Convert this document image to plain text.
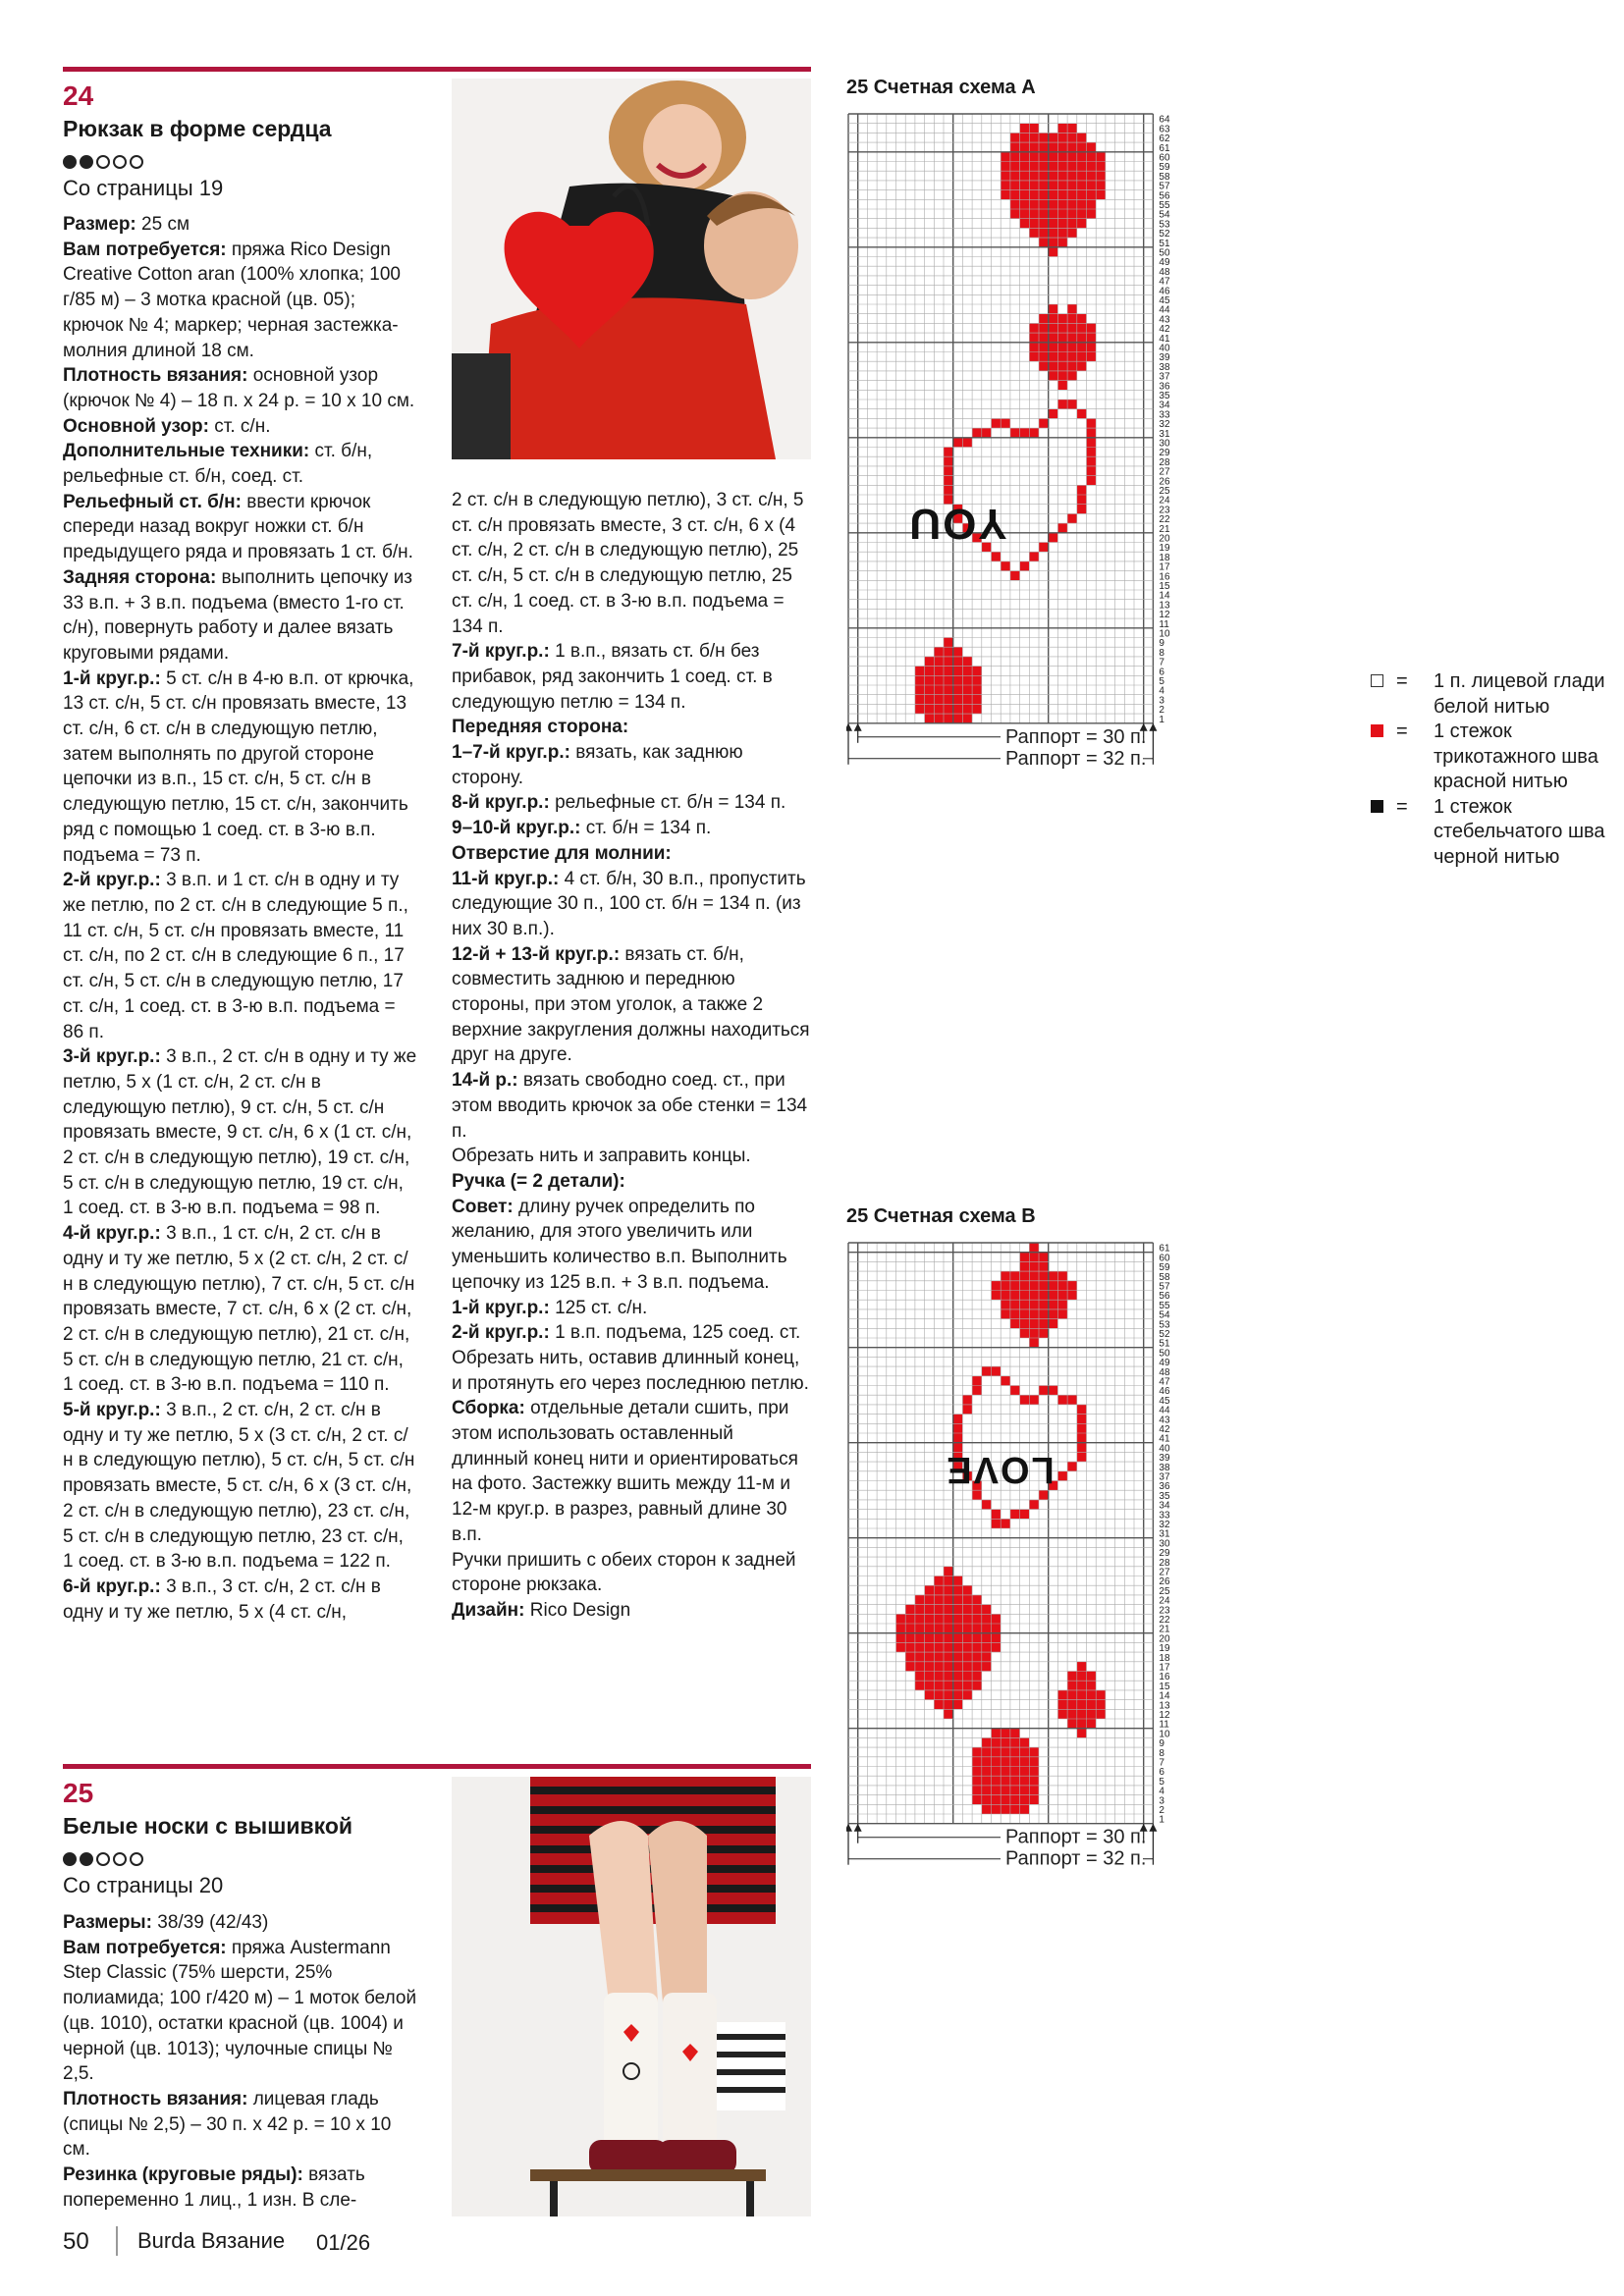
24
Рюкзак в форме сердца
Со страницы 19

Размер: 25 см

Вам потребуется: пряжа Rico Design Creative Cotton aran (100% хлопка; 100 г/85 м) – 3 мотка красной (цв. 05); крючок № 4; маркер; черная застежка-молния длиной 18 см.

Плотность вязания: основной узор (крючок № 4) – 18 п. х 24 р. = 10 х 10 см.

Основной узор: ст. с/н.

Дополнительные техники: ст. б/н, рельефные ст. б/н, соед. ст.

Рельефный ст. б/н: ввести крючок спереди назад вокруг ножки ст. б/н предыдущего ряда и провязать 1 ст. б/н.

Задняя сторона: выполнить цепочку из 33 в.п. + 3 в.п. подъема (вместо 1-го ст. с/н), повернуть работу и далее вязать круговыми рядами.

1-й круг.р.: 5 ст. с/н в 4-ю в.п. от крючка, 13 ст. с/н, 5 ст. с/н провязать вместе, 13 ст. с/н, 6 ст. с/н в следующую петлю, затем выполнять по другой стороне цепочки из в.п., 15 ст. с/н, 5 ст. с/н в следующую петлю, 15 ст. с/н, закончить ряд с помощью 1 соед. ст. в 3-ю в.п. подъема = 73 п.

2-й круг.р.: 3 в.п. и 1 ст. с/н в одну и ту же петлю, по 2 ст. с/н в следующие 5 п., 11 ст. с/н, 5 ст. с/н провязать вместе, 11 ст. с/н, по 2 ст. с/н в следующие 6 п., 17 ст. с/н, 5 ст. с/н в следующую петлю, 17 ст. с/н, 1 соед. ст. в 3-ю в.п. подъема = 86 п.

3-й круг.р.: 3 в.п., 2 ст. с/н в одну и ту же петлю, 5 х (1 ст. с/н, 2 ст. с/н в следующую петлю), 9 ст. с/н, 5 ст. с/н провязать вместе, 9 ст. с/н, 6 х (1 ст. с/н, 2 ст. с/н в следующую петлю), 19 ст. с/н, 5 ст. с/н в следующую петлю, 19 ст. с/н, 1 соед. ст. в 3-ю в.п. подъема = 98 п.

4-й круг.р.: 3 в.п., 1 ст. с/н, 2 ст. с/н в одну и ту же петлю, 5 х (2 ст. с/н, 2 ст. с/н в следующую петлю), 7 ст. с/н, 5 ст. с/н провязать вместе, 7 ст. с/н, 6 х (2 ст. с/н, 2 ст. с/н в следующую петлю), 21 ст. с/н, 5 ст. с/н в следующую петлю, 21 ст. с/н, 1 соед. ст. в 3-ю в.п. подъема = 110 п.

5-й круг.р.: 3 в.п., 2 ст. с/н, 2 ст. с/н в одну и ту же петлю, 5 х (3 ст. с/н, 2 ст. с/н в следующую петлю), 5 ст. с/н, 5 ст. с/н провязать вместе, 5 ст. с/н, 6 х (3 ст. с/н, 2 ст. с/н в следующую петлю), 23 ст. с/н, 5 ст. с/н в следующую петлю, 23 ст. с/н, 1 соед. ст. в 3-ю в.п. подъема = 122 п.

6-й круг.р.: 3 в.п., 3 ст. с/н, 2 ст. с/н в одну и ту же петлю, 5 х (4 ст. с/н,

2 ст. с/н в следующую петлю), 3 ст. с/н, 5 ст. с/н провязать вместе, 3 ст. с/н, 6 х (4 ст. с/н, 2 ст. с/н в следующую петлю), 25 ст. с/н, 5 ст. с/н в следующую петлю, 25 ст. с/н, 1 соед. ст. в 3-ю в.п. подъема = 134 п.

7-й круг.р.: 1 в.п., вязать ст. б/н без прибавок, ряд закончить 1 соед. ст. в следующую петлю = 134 п.

Передняя сторона:

1–7-й круг.р.: вязать, как заднюю сторону.

8-й круг.р.: рельефные ст. б/н = 134 п.

9–10-й круг.р.: ст. б/н = 134 п.

Отверстие для молнии:

11-й круг.р.: 4 ст. б/н, 30 в.п., пропустить следующие 30 п., 100 ст. б/н = 134 п. (из них 30 в.п.).

12-й + 13-й круг.р.: вязать ст. б/н, совместить заднюю и переднюю стороны, при этом уголок, а также 2 верхние закругления должны находиться друг на друге.

14-й р.: вязать свободно соед. ст., при этом вводить крючок за обе стенки = 134 п.

Обрезать нить и заправить концы.

Ручка (= 2 детали):

Совет: длину ручек определить по желанию, для этого увеличить или уменьшить количество в.п. Выполнить цепочку из 125 в.п. + 3 в.п. подъема.

1-й круг.р.: 125 ст. с/н.

2-й круг.р.: 1 в.п. подъема, 125 соед. ст.

Обрезать нить, оставив длинный конец, и протянуть его через последнюю петлю.

Сборка: отдельные детали сшить, при этом использовать оставленный длинный конец нити и ориентироваться на фото. Застежку вшить между 11-м и 12-м круг.р. в разрез, равный длине 30 в.п.

Ручки пришить с обеих сторон к задней стороне рюкзака.

Дизайн: Rico Design

25
Белые носки с вышивкой
Со страницы 20

Размеры: 38/39 (42/43)

Вам потребуется: пряжа Austermann Step Classic (75% шерсти, 25% полиамида; 100 г/420 м) – 1 моток белой (цв. 1010), остатки красной (цв. 1004) и черной (цв. 1013); чулочные спицы № 2,5.

Плотность вязания: лицевая гладь (спицы № 2,5) – 30 п. х 42 р. = 10 х 10 см.

Резинка (круговые ряды): вязать попеременно 1 лиц., 1 изн. В сле-

25 Счетная схема А
64
63
62
61
60
59
58
57
56
55
54
53
52
51
50
49
48
47
46
45
44
43
42
41
40
39
38
37
36
35
34
33
32
31
30
29
28
27
26
25
24
23
22
21
20
19
18
17
16
15
14
13
12
11
10
9
8
7
6
5
4
3
2
1
YOU
Раппорт = 30 п.
Раппорт = 32 п.
25 Счетная схема В
61
60
59
58
57
56
55
54
53
52
51
50
49
48
47
46
45
44
43
42
41
40
39
38
37
36
35
34
33
32
31
30
29
28
27
26
25
24
23
22
21
20
19
18
17
16
15
14
13
12
11
10
9
8
7
6
5
4
3
2
1
LOVE
Раппорт = 30 п.
Раппорт = 32 п.
= 1 п. лицевой глади белой нитью
= 1 стежок трикотажного шва красной нитью
= 1 стежок стебельчатого шва черной нитью
50 Burda Вязание 01/26
